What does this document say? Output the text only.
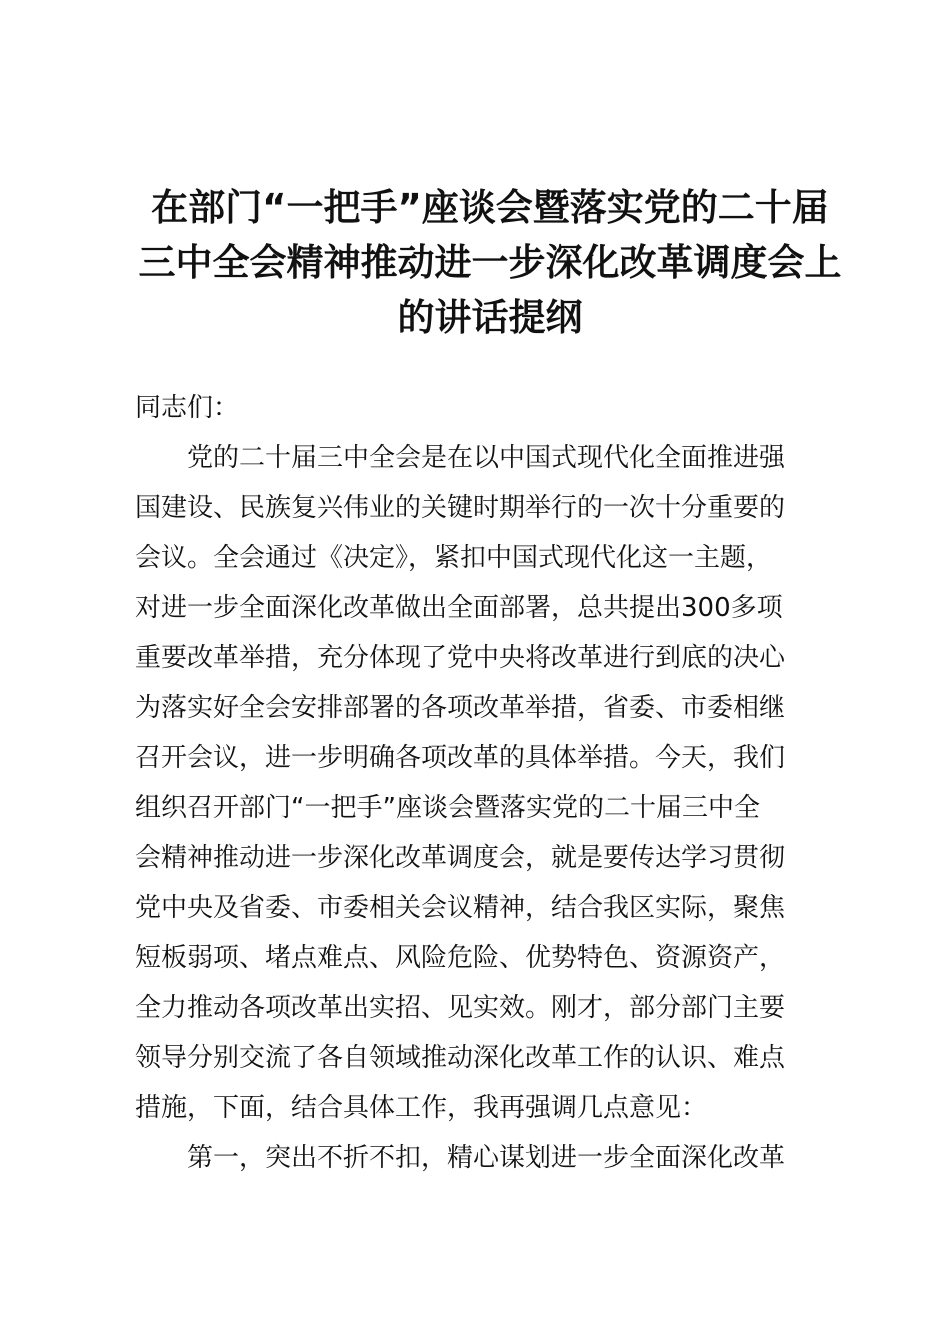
在部门“一把手”座谈会暨落实党的二十届
三中全会精神推动进一步深化改革调度会上
的讲话提纲

同志们：

党的二十届三中全会是在以中国式现代化全面推进强
国建设、民族复兴伟业的关键时期举行的一次十分重要的
会议。全会通过《决定》，紧扣中国式现代化这一主题，
对进一步全面深化改革做出全面部署，总共提出300多项
重要改革举措，充分体现了党中央将改革进行到底的决心
为落实好全会安排部署的各项改革举措，省委、市委相继
召开会议，进一步明确各项改革的具体举措。今天，我们
组织召开部门“一把手”座谈会暨落实党的二十届三中全
会精神推动进一步深化改革调度会，就是要传达学习贯彻
党中央及省委、市委相关会议精神，结合我区实际，聚焦
短板弱项、堵点难点、风险危险、优势特色、资源资产，
全力推动各项改革出实招、见实效。刚才，部分部门主要
领导分别交流了各自领域推动深化改革工作的认识、难点
措施，下面，结合具体工作，我再强调几点意见：

第一，突出不折不扣，精心谋划进一步全面深化改革
